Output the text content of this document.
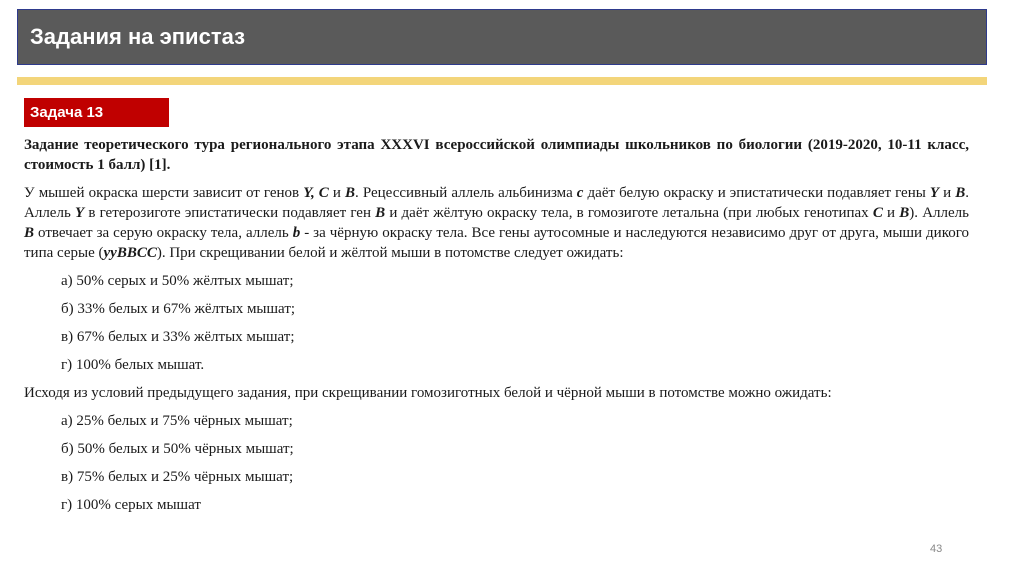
Задания на эпистаз
Задача 13

Задание теоретического тура регионального этапа XXXVI всероссийской олимпиады школьников по биологии (2019-2020, 10-11 класс, стоимость 1 балл) [1].

У мышей окраска шерсти зависит от генов Y, C и B. Рецессивный аллель альбинизма c даёт белую окраску и эпистатически подавляет гены Y и B. Аллель Y в гетерозиготе эпистатически подавляет ген B и даёт жёлтую окраску тела, в гомозиготе летальна (при любых генотипах C и B). Аллель B отвечает за серую окраску тела, аллель b - за чёрную окраску тела. Все гены аутосомные и наследуются независимо друг от друга, мыши дикого типа серые (yyBBCC). При скрещивании белой и жёлтой мыши в потомстве следует ожидать:

а) 50% серых и 50% жёлтых мышат;

б) 33% белых и 67% жёлтых мышат;

в) 67% белых и 33% жёлтых мышат;

г) 100% белых мышат.

Исходя из условий предыдущего задания, при скрещивании гомозиготных белой и чёрной мыши в потомстве можно ожидать:

а) 25% белых и 75% чёрных мышат;

б) 50% белых и 50% чёрных мышат;

в) 75% белых и 25% чёрных мышат;

г) 100% серых мышат

43
